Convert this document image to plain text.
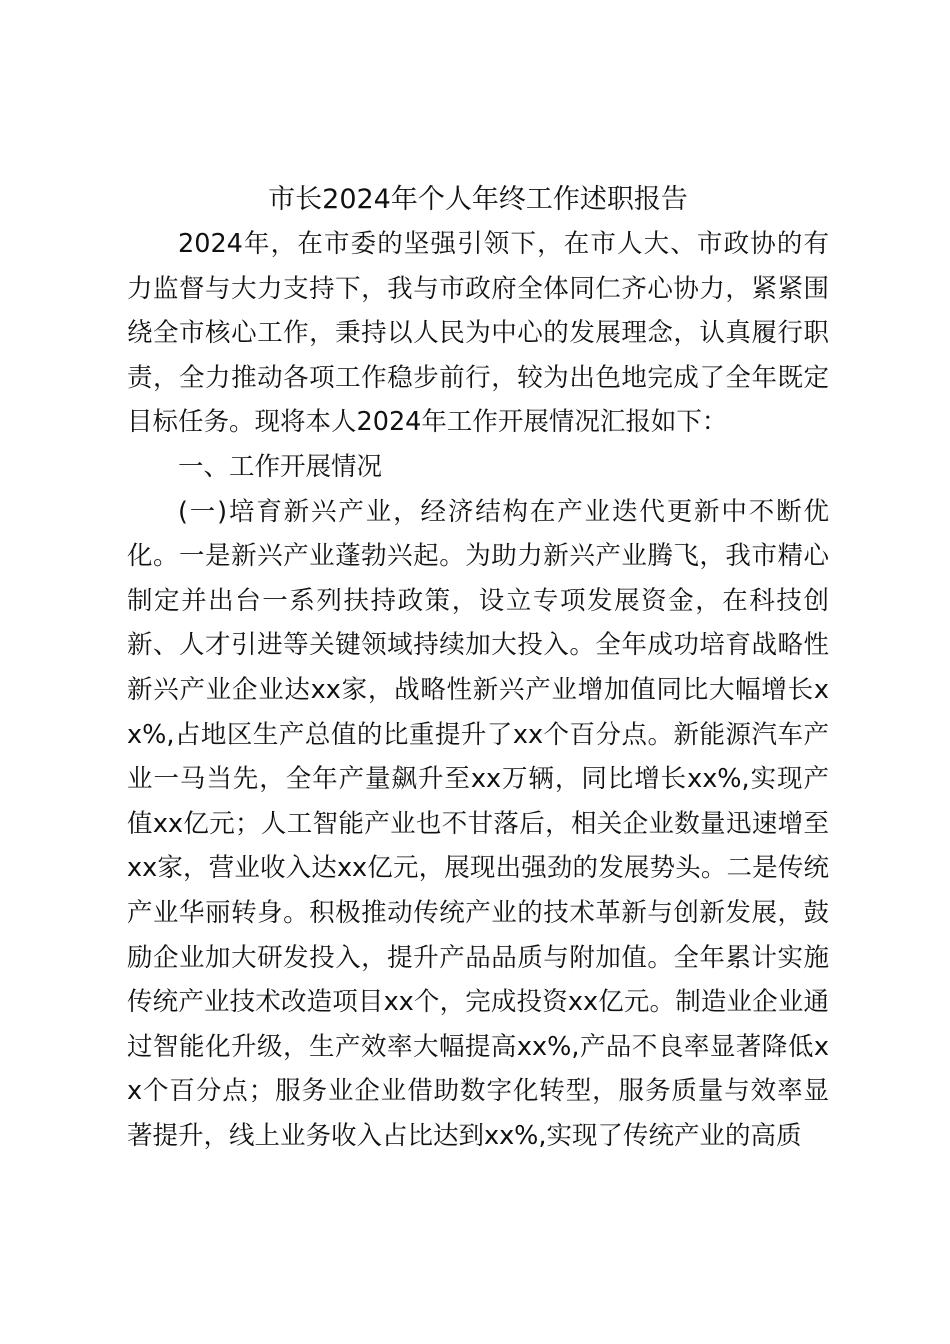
市长2024年个人年终工作述职报告

2024年，在市委的坚强引领下，在市人大、市政协的有力监督与大力支持下，我与市政府全体同仁齐心协力，紧紧围绕全市核心工作，秉持以人民为中心的发展理念，认真履行职责，全力推动各项工作稳步前行，较为出色地完成了全年既定目标任务。现将本人2024年工作开展情况汇报如下：

一、工作开展情况

(一)培育新兴产业，经济结构在产业迭代更新中不断优化。一是新兴产业蓬勃兴起。为助力新兴产业腾飞，我市精心制定并出台一系列扶持政策，设立专项发展资金，在科技创新、人才引进等关键领域持续加大投入。全年成功培育战略性新兴产业企业达xx家，战略性新兴产业增加值同比大幅增长xx%,占地区生产总值的比重提升了xx个百分点。新能源汽车产业一马当先，全年产量飙升至xx万辆，同比增长xx%,实现产值xx亿元；人工智能产业也不甘落后，相关企业数量迅速增至xx家，营业收入达xx亿元，展现出强劲的发展势头。二是传统产业华丽转身。积极推动传统产业的技术革新与创新发展，鼓励企业加大研发投入，提升产品品质与附加值。全年累计实施传统产业技术改造项目xx个，完成投资xx亿元。制造业企业通过智能化升级，生产效率大幅提高xx%,产品不良率显著降低xx个百分点；服务业企业借助数字化转型，服务质量与效率显著提升，线上业务收入占比达到xx%,实现了传统产业的高质
